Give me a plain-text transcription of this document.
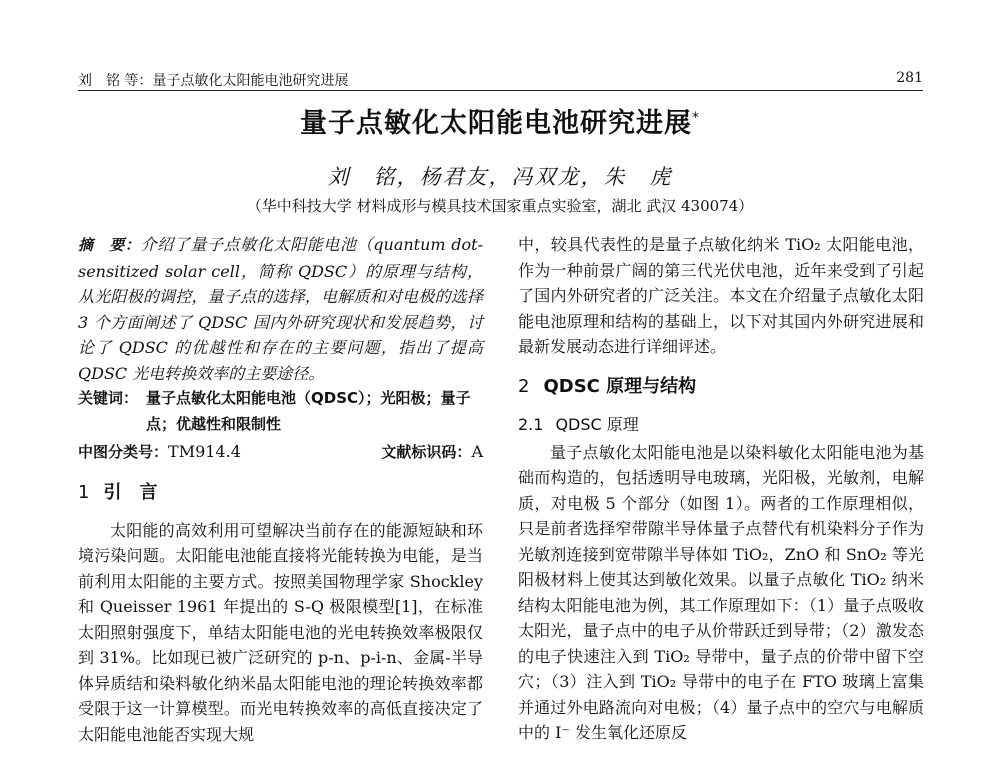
刘　铭 等：量子点敏化太阳能电池研究进展	281
量子点敏化太阳能电池研究进展*
刘　铭，杨君友，冯双龙，朱　虎
（华中科技大学 材料成形与模具技术国家重点实验室，湖北 武汉 430074）

摘　要：介绍了量子点敏化太阳能电池（quantum dot-sensitized solar cell，简称 QDSC）的原理与结构，从光阳极的调控，量子点的选择，电解质和对电极的选择 3 个方面阐述了 QDSC 国内外研究现状和发展趋势，讨论了 QDSC 的优越性和存在的主要问题，指出了提高 QDSC 光电转换效率的主要途径。

关键词： 量子点敏化太阳能电池（QDSC）；光阳极；量子点；优越性和限制性
中图分类号：TM914.4	文献标识码：A
1 引　言

太阳能的高效利用可望解决当前存在的能源短缺和环境污染问题。太阳能电池能直接将光能转换为电能，是当前利用太阳能的主要方式。按照美国物理学家 Shockley 和 Queisser 1961 年提出的 S-Q 极限模型[1]，在标准太阳照射强度下，单结太阳能电池的光电转换效率极限仅到 31%。比如现已被广泛研究的 p-n、p-i-n、金属-半导体异质结和染料敏化纳米晶太阳能电池的理论转换效率都受限于这一计算模型。而光电转换效率的高低直接决定了太阳能电池能否实现大规

中，较具代表性的是量子点敏化纳米 TiO₂ 太阳能电池，作为一种前景广阔的第三代光伏电池，近年来受到了引起了国内外研究者的广泛关注。本文在介绍量子点敏化太阳能电池原理和结构的基础上，以下对其国内外研究进展和最新发展动态进行详细评述。

2 QDSC 原理与结构
2.1 QDSC 原理

量子点敏化太阳能电池是以染料敏化太阳能电池为基础而构造的，包括透明导电玻璃，光阳极，光敏剂，电解质，对电极 5 个部分（如图 1）。两者的工作原理相似，只是前者选择窄带隙半导体量子点替代有机染料分子作为光敏剂连接到宽带隙半导体如 TiO₂，ZnO 和 SnO₂ 等光阳极材料上使其达到敏化效果。以量子点敏化 TiO₂ 纳米结构太阳能电池为例，其工作原理如下：（1）量子点吸收太阳光，量子点中的电子从价带跃迁到导带；（2）激发态的电子快速注入到 TiO₂ 导带中，量子点的价带中留下空穴；（3）注入到 TiO₂ 导带中的电子在 FTO 玻璃上富集并通过外电路流向对电极；（4）量子点中的空穴与电解质中的 I⁻ 发生氧化还原反
